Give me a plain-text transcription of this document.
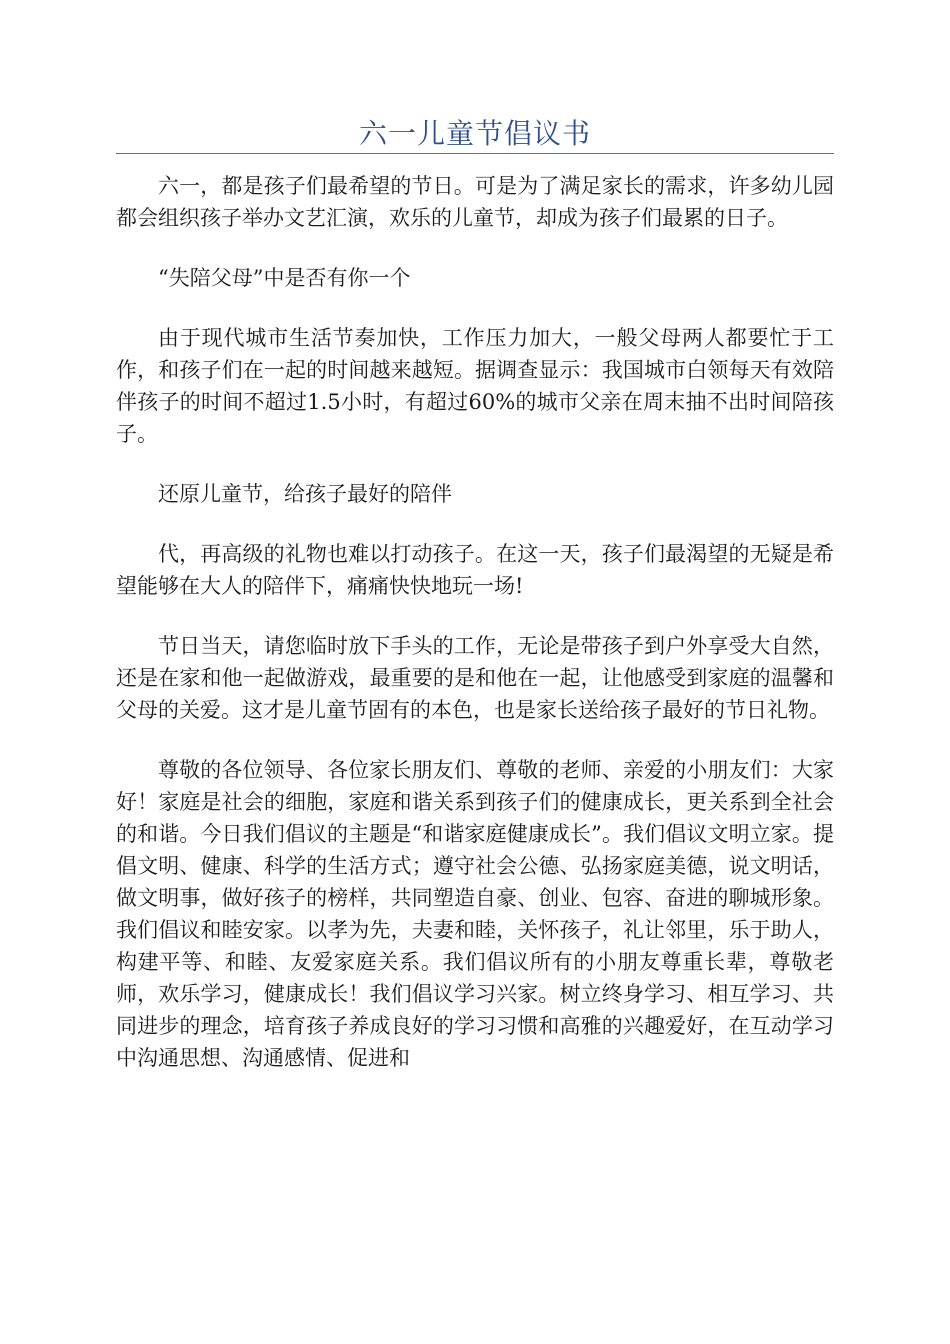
六一儿童节倡议书

六一，都是孩子们最希望的节日。可是为了满足家长的需求，许多幼儿园都会组织孩子举办文艺汇演，欢乐的儿童节，却成为孩子们最累的日子。

“失陪父母”中是否有你一个

由于现代城市生活节奏加快，工作压力加大，一般父母两人都要忙于工作，和孩子们在一起的时间越来越短。据调查显示：我国城市白领每天有效陪伴孩子的时间不超过1.5小时，有超过60%的城市父亲在周末抽不出时间陪孩子。

还原儿童节，给孩子最好的陪伴

代，再高级的礼物也难以打动孩子。在这一天，孩子们最渴望的无疑是希望能够在大人的陪伴下，痛痛快快地玩一场!

节日当天，请您临时放下手头的工作，无论是带孩子到户外享受大自然，还是在家和他一起做游戏，最重要的是和他在一起，让他感受到家庭的温馨和父母的关爱。这才是儿童节固有的本色，也是家长送给孩子最好的节日礼物。

尊敬的各位领导、各位家长朋友们、尊敬的老师、亲爱的小朋友们：大家好！家庭是社会的细胞，家庭和谐关系到孩子们的健康成长，更关系到全社会的和谐。今日我们倡议的主题是“和谐家庭健康成长”。我们倡议文明立家。提倡文明、健康、科学的生活方式；遵守社会公德、弘扬家庭美德，说文明话，做文明事，做好孩子的榜样，共同塑造自豪、创业、包容、奋进的聊城形象。我们倡议和睦安家。以孝为先，夫妻和睦，关怀孩子，礼让邻里，乐于助人，构建平等、和睦、友爱家庭关系。我们倡议所有的小朋友尊重长辈，尊敬老师，欢乐学习，健康成长！我们倡议学习兴家。树立终身学习、相互学习、共同进步的理念，培育孩子养成良好的学习习惯和高雅的兴趣爱好，在互动学习中沟通思想、沟通感情、促进和
